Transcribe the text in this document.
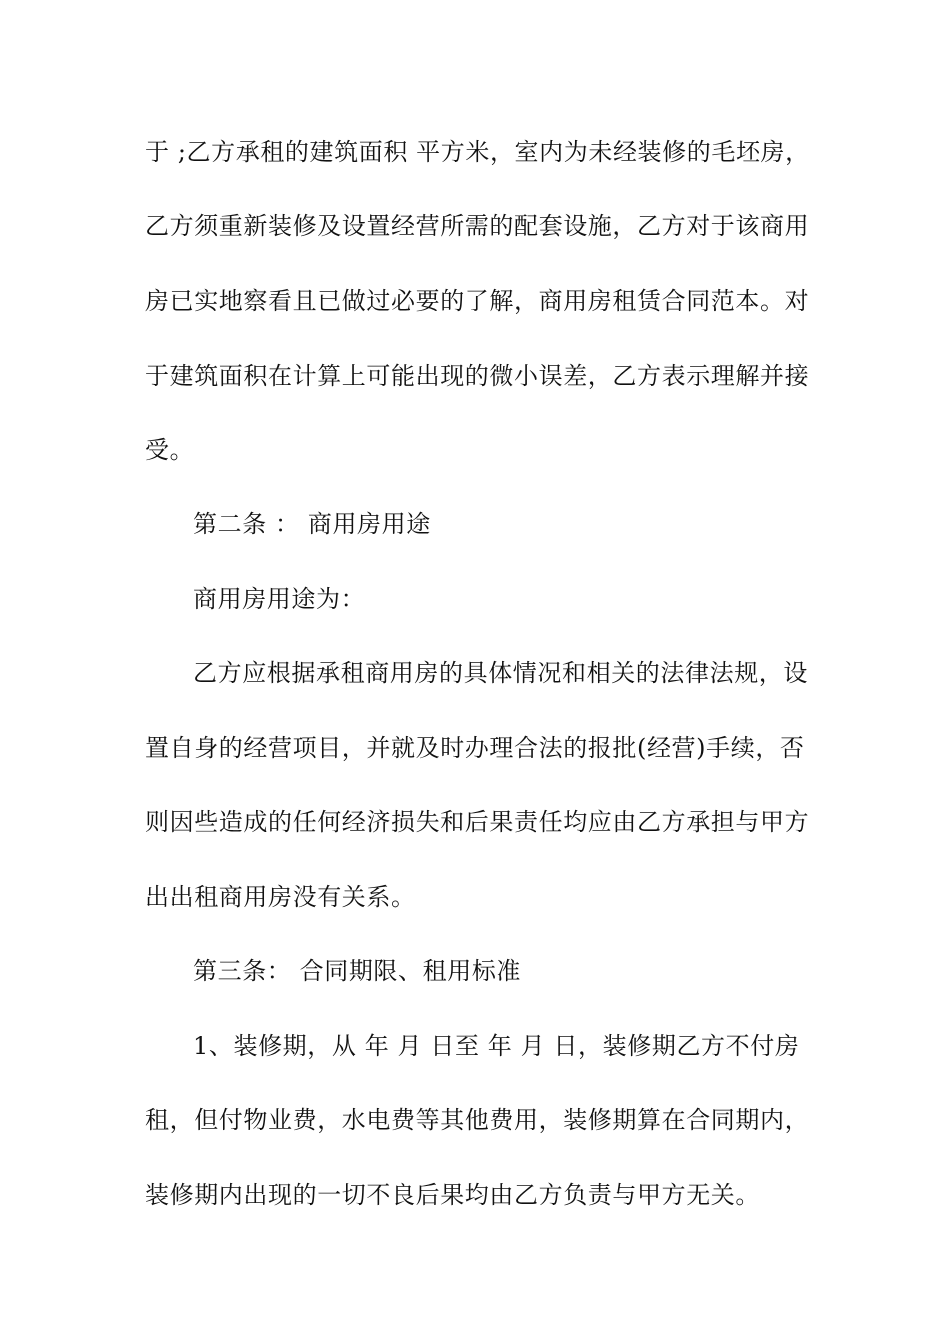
于 ;乙方承租的建筑面积 平方米，室内为未经装修的毛坯房，
乙方须重新装修及设置经营所需的配套设施，乙方对于该商用
房已实地察看且已做过必要的了解，商用房租赁合同范本。对
于建筑面积在计算上可能出现的微小误差，乙方表示理解并接
受。
第二条 ： 商用房用途
商用房用途为：
乙方应根据承租商用房的具体情况和相关的法律法规，设
置自身的经营项目，并就及时办理合法的报批(经营)手续，否
则因些造成的任何经济损失和后果责任均应由乙方承担与甲方
出出租商用房没有关系。
第三条： 合同期限、租用标准
1、装修期，从 年 月 日至 年 月 日，装修期乙方不付房
租，但付物业费，水电费等其他费用，装修期算在合同期内，
装修期内出现的一切不良后果均由乙方负责与甲方无关。
